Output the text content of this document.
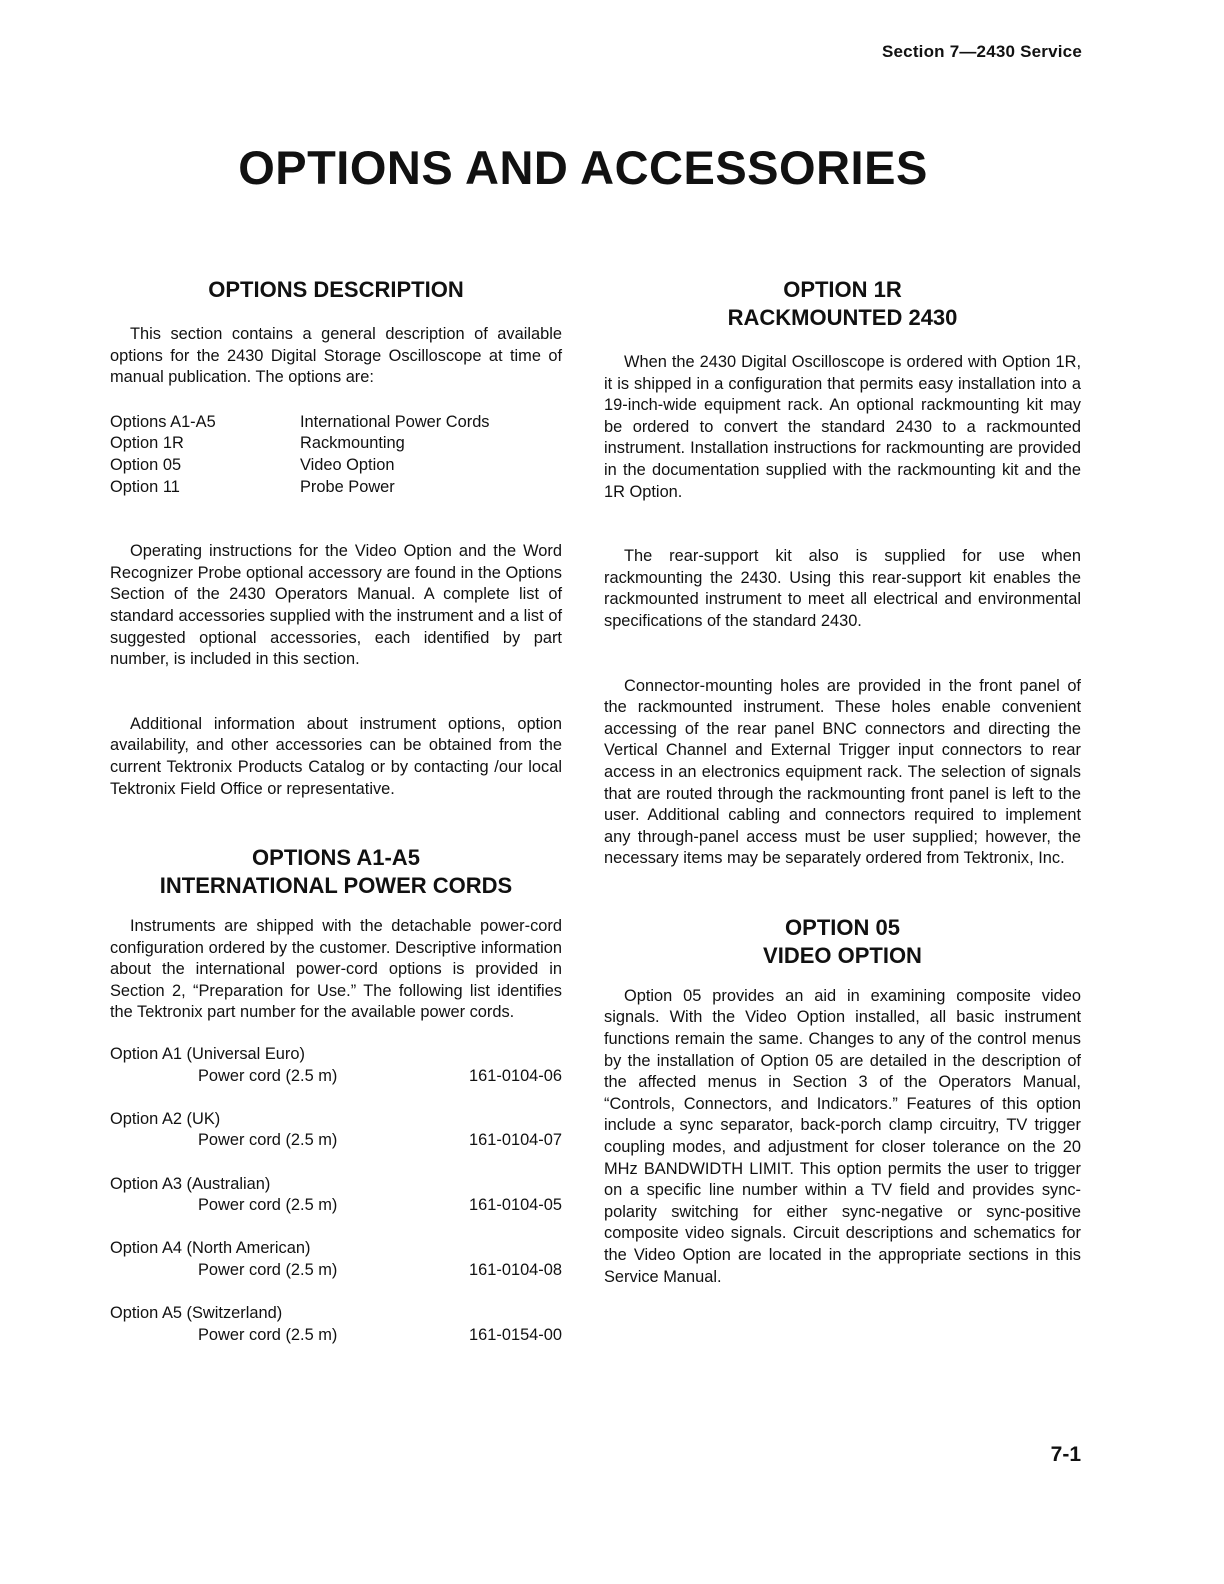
Section 7—2430 Service
OPTIONS AND ACCESSORIES
OPTIONS DESCRIPTION

This section contains a general description of available options for the 2430 Digital Storage Oscilloscope at time of manual publication. The options are:

Options A1-A5	International Power Cords
Option 1R	Rackmounting
Option 05	Video Option
Option 11	Probe Power

Operating instructions for the Video Option and the Word Recognizer Probe optional accessory are found in the Options Section of the 2430 Operators Manual. A complete list of standard accessories supplied with the instrument and a list of suggested optional accessories, each identified by part number, is included in this section.

Additional information about instrument options, option availability, and other accessories can be obtained from the current Tektronix Products Catalog or by contacting /our local Tektronix Field Office or representative.

OPTIONS A1-A5
INTERNATIONAL POWER CORDS

Instruments are shipped with the detachable power-cord configuration ordered by the customer. Descriptive information about the international power-cord options is provided in Section 2, “Preparation for Use.” The following list identifies the Tektronix part number for the available power cords.

Option A1 (Universal Euro)
Power cord (2.5 m)	161-0104-06
Option A2 (UK)
Power cord (2.5 m)	161-0104-07
Option A3 (Australian)
Power cord (2.5 m)	161-0104-05
Option A4 (North American)
Power cord (2.5 m)	161-0104-08
Option A5 (Switzerland)
Power cord (2.5 m)	161-0154-00
OPTION 1R
RACKMOUNTED 2430

When the 2430 Digital Oscilloscope is ordered with Option 1R, it is shipped in a configuration that permits easy installation into a 19-inch-wide equipment rack. An optional rackmounting kit may be ordered to convert the standard 2430 to a rackmounted instrument. Installation instructions for rackmounting are provided in the documentation supplied with the rackmounting kit and the 1R Option.

The rear-support kit also is supplied for use when rackmounting the 2430. Using this rear-support kit enables the rackmounted instrument to meet all electrical and environmental specifications of the standard 2430.

Connector-mounting holes are provided in the front panel of the rackmounted instrument. These holes enable convenient accessing of the rear panel BNC connectors and directing the Vertical Channel and External Trigger input connectors to rear access in an electronics equipment rack. The selection of signals that are routed through the rackmounting front panel is left to the user. Additional cabling and connectors required to implement any through-panel access must be user supplied; however, the necessary items may be separately ordered from Tektronix, Inc.

OPTION 05
VIDEO OPTION

Option 05 provides an aid in examining composite video signals. With the Video Option installed, all basic instrument functions remain the same. Changes to any of the control menus by the installation of Option 05 are detailed in the description of the affected menus in Section 3 of the Operators Manual, “Controls, Connectors, and Indicators.” Features of this option include a sync separator, back-porch clamp circuitry, TV trigger coupling modes, and adjustment for closer tolerance on the 20 MHz BANDWIDTH LIMIT. This option permits the user to trigger on a specific line number within a TV field and provides sync-polarity switching for either sync-negative or sync-positive composite video signals. Circuit descriptions and schematics for the Video Option are located in the appropriate sections in this Service Manual.

7-1
